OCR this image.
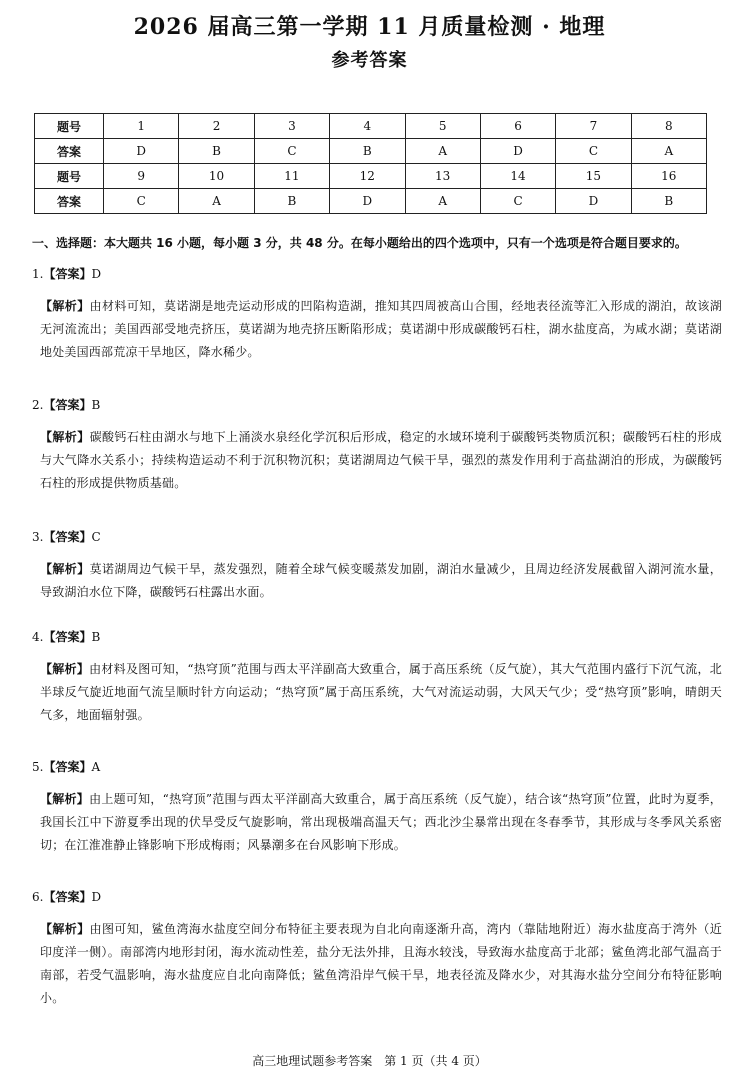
2026 届高三第一学期 11 月质量检测 · 地理
参考答案
题号	1	2	3	4	5	6	7	8
答案	D	B	C	B	A	D	C	A
题号	9	10	11	12	13	14	15	16
答案	C	A	B	D	A	C	D	B
一、选择题：本大题共 16 小题，每小题 3 分，共 48 分。在每小题给出的四个选项中，只有一个选项是符合题目要求的。
1.【答案】D
【解析】由材料可知，莫诺湖是地壳运动形成的凹陷构造湖，推知其四周被高山合围，经地表径流等汇入形成的湖泊，故该湖无河流流出；美国西部受地壳挤压，莫诺湖为地壳挤压断陷形成；莫诺湖中形成碳酸钙石柱，湖水盐度高，为咸水湖；莫诺湖地处美国西部荒凉干旱地区，降水稀少。
2.【答案】B
【解析】碳酸钙石柱由湖水与地下上涌淡水泉经化学沉积后形成，稳定的水域环境利于碳酸钙类物质沉积；碳酸钙石柱的形成与大气降水关系小；持续构造运动不利于沉积物沉积；莫诺湖周边气候干旱，强烈的蒸发作用利于高盐湖泊的形成，为碳酸钙石柱的形成提供物质基础。
3.【答案】C
【解析】莫诺湖周边气候干旱，蒸发强烈，随着全球气候变暖蒸发加剧，湖泊水量减少，且周边经济发展截留入湖河流水量，导致湖泊水位下降，碳酸钙石柱露出水面。
4.【答案】B
【解析】由材料及图可知，“热穹顶”范围与西太平洋副高大致重合，属于高压系统（反气旋），其大气范围内盛行下沉气流，北半球反气旋近地面气流呈顺时针方向运动；“热穹顶”属于高压系统，大气对流运动弱，大风天气少；受“热穹顶”影响，晴朗天气多，地面辐射强。
5.【答案】A
【解析】由上题可知，“热穹顶”范围与西太平洋副高大致重合，属于高压系统（反气旋），结合该“热穹顶”位置，此时为夏季，我国长江中下游夏季出现的伏旱受反气旋影响，常出现极端高温天气；西北沙尘暴常出现在冬春季节，其形成与冬季风关系密切；在江淮准静止锋影响下形成梅雨；风暴潮多在台风影响下形成。
6.【答案】D
【解析】由图可知，鲨鱼湾海水盐度空间分布特征主要表现为自北向南逐渐升高，湾内（靠陆地附近）海水盐度高于湾外（近印度洋一侧）。南部湾内地形封闭，海水流动性差，盐分无法外排，且海水较浅，导致海水盐度高于北部；鲨鱼湾北部气温高于南部，若受气温影响，海水盐度应自北向南降低；鲨鱼湾沿岸气候干旱，地表径流及降水少，对其海水盐分空间分布特征影响小。
高三地理试题参考答案　第 1 页（共 4 页）
